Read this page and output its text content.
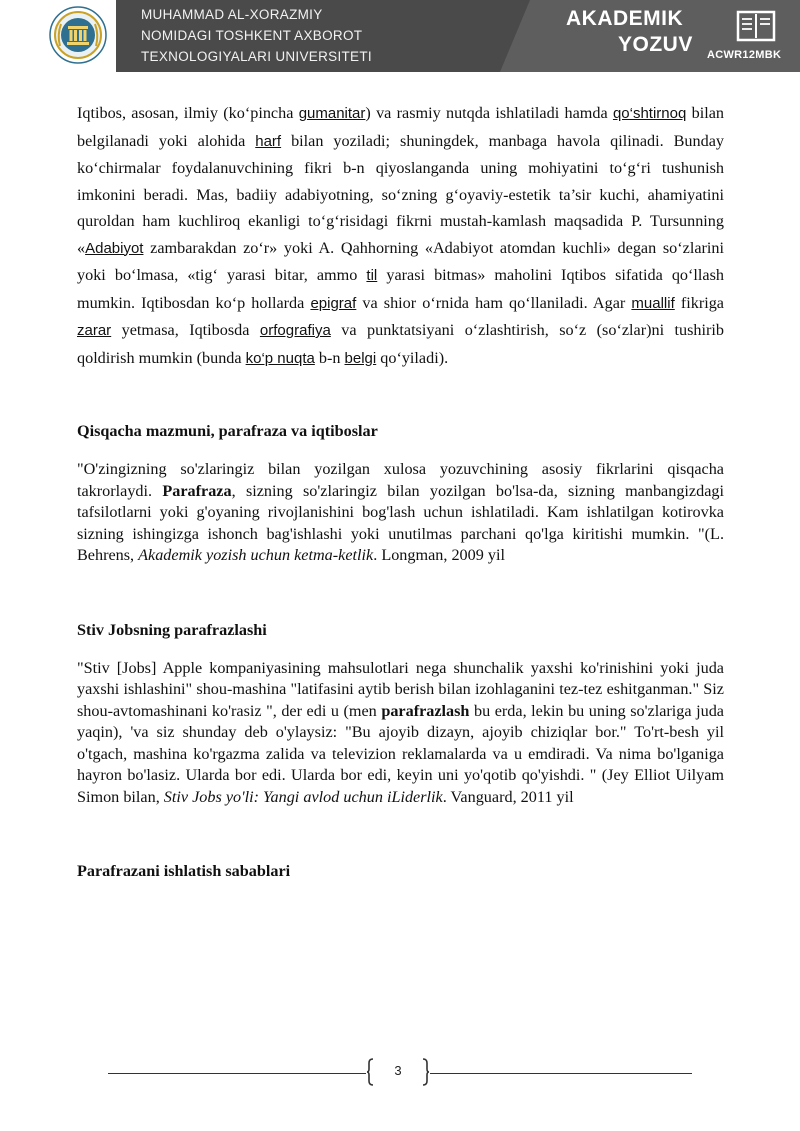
MUHAMMAD AL-XORAZMIY
NOMIDAGI TOSHKENT AXBOROT
TEXNOLOGIYALARI UNIVERSITETI
AKADEMIK
YOZUV ACWR12MBK

Iqtibos, asosan, ilmiy (ko‘pincha gumanitar) va rasmiy nutqda ishlatiladi hamda qo‘shtirnoq bilan belgilanadi yoki alohida harf bilan yoziladi; shuningdek, manbaga havola qilinadi. Bunday ko‘chirmalar foydalanuvchining fikri b-n qiyoslanganda uning mohiyatini to‘g‘ri tushunish imkonini beradi. Mas, badiiy adabiyotning, so‘zning g‘oyaviy-estetik ta’sir kuchi, ahamiyatini quroldan ham kuchliroq ekanligi to‘g‘risidagi fikrni mustah-kamlash maqsadida P. Tursunning «Adabiyot zambarakdan zo‘r» yoki A. Qahhorning «Adabiyot atomdan kuchli» degan so‘zlarini yoki bo‘lmasa, «tig‘ yarasi bitar, ammo til yarasi bitmas» maholini Iqtibos sifatida qo‘llash mumkin. Iqtibosdan ko‘p hollarda epigraf va shior o‘rnida ham qo‘llaniladi. Agar muallif fikriga zarar yetmasa, Iqtibosda orfografiya va punktatsiyani o‘zlashtirish, so‘z (so‘zlar)ni tushirib qoldirish mumkin (bunda ko‘p nuqta b-n belgi qo‘yiladi).

Qisqacha mazmuni, parafraza va iqtiboslar

"O'zingizning so'zlaringiz bilan yozilgan xulosa yozuvchining asosiy fikrlarini qisqacha takrorlaydi. Parafraza, sizning so'zlaringiz bilan yozilgan bo'lsa-da, sizning manbangizdagi tafsilotlarni yoki g'oyaning rivojlanishini bog'lash uchun ishlatiladi. Kam ishlatilgan kotirovka sizning ishingizga ishonch bag'ishlashi yoki unutilmas parchani qo'lga kiritishi mumkin. "(L. Behrens, Akademik yozish uchun ketma-ketlik. Longman, 2009 yil

Stiv Jobsning parafrazlashi

"Stiv [Jobs] Apple kompaniyasining mahsulotlari nega shunchalik yaxshi ko'rinishini yoki juda yaxshi ishlashini" shou-mashina "latifasini aytib berish bilan izohlaganini tez-tez eshitganman." Siz shou-avtomashinani ko'rasiz ", der edi u (men parafrazlash bu erda, lekin bu uning so'zlariga juda yaqin), 'va siz shunday deb o'ylaysiz: "Bu ajoyib dizayn, ajoyib chiziqlar bor." To'rt-besh yil o'tgach, mashina ko'rgazma zalida va televizion reklamalarda va u emdiradi. Va nima bo'lganiga hayron bo'lasiz. Ularda bor edi. Ularda bor edi, keyin uni yo'qotib qo'yishdi. " (Jey Elliot Uilyam Simon bilan, Stiv Jobs yo'li: Yangi avlod uchun iLiderlik. Vanguard, 2011 yil

Parafrazani ishlatish sabablari
3
